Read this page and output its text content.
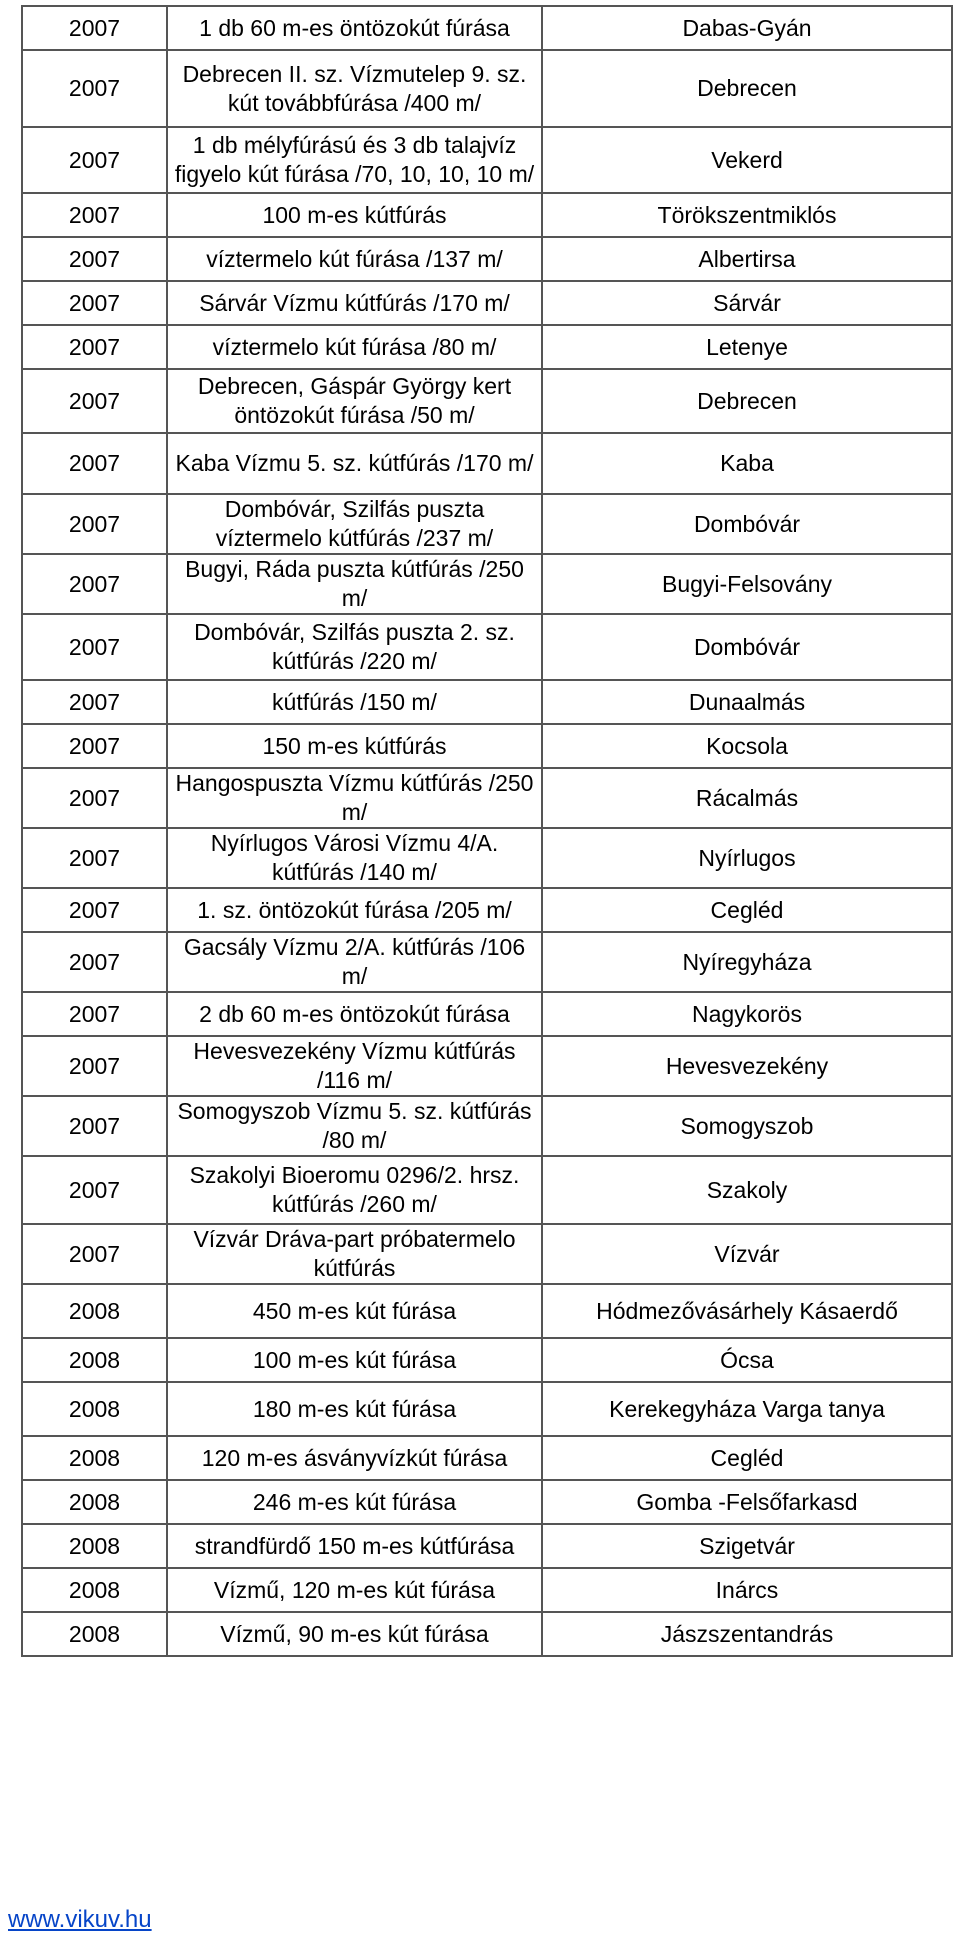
2007	1 db 60 m-es öntözokút fúrása	Dabas-Gyán
2007	Debrecen II. sz. Vízmutelep 9. sz. kút továbbfúrása /400 m/	Debrecen
2007	1 db mélyfúrású és 3 db talajvíz figyelo kút fúrása /70, 10, 10, 10 m/	Vekerd
2007	100 m-es kútfúrás	Törökszentmiklós
2007	víztermelo kút fúrása /137 m/	Albertirsa
2007	Sárvár Vízmu kútfúrás /170 m/	Sárvár
2007	víztermelo kút fúrása /80 m/	Letenye
2007	Debrecen, Gáspár György kert öntözokút fúrása /50 m/	Debrecen
2007	Kaba Vízmu 5. sz. kútfúrás /170 m/	Kaba
2007	Dombóvár, Szilfás puszta víztermelo kútfúrás /237 m/	Dombóvár
2007	Bugyi, Ráda puszta kútfúrás /250 m/	Bugyi-Felsovány
2007	Dombóvár, Szilfás puszta 2. sz. kútfúrás /220 m/	Dombóvár
2007	kútfúrás /150 m/	Dunaalmás
2007	150 m-es kútfúrás	Kocsola
2007	Hangospuszta Vízmu kútfúrás /250 m/	Rácalmás
2007	Nyírlugos Városi Vízmu 4/A. kútfúrás /140 m/	Nyírlugos
2007	1. sz. öntözokút fúrása /205 m/	Cegléd
2007	Gacsály Vízmu 2/A. kútfúrás /106 m/	Nyíregyháza
2007	2 db 60 m-es öntözokút fúrása	Nagykorös
2007	Hevesvezekény Vízmu kútfúrás /116 m/	Hevesvezekény
2007	Somogyszob Vízmu 5. sz. kútfúrás /80 m/	Somogyszob
2007	Szakolyi Bioeromu 0296/2. hrsz. kútfúrás /260 m/	Szakoly
2007	Vízvár Dráva-part próbatermelo kútfúrás	Vízvár
2008	450 m-es kút fúrása	Hódmezővásárhely Kásaerdő
2008	100 m-es kút fúrása	Ócsa
2008	180 m-es kút fúrása	Kerekegyháza Varga tanya
2008	120 m-es ásványvízkút fúrása	Cegléd
2008	246 m-es kút fúrása	Gomba -Felsőfarkasd
2008	strandfürdő 150 m-es kútfúrása	Szigetvár
2008	Vízmű, 120 m-es kút fúrása	Inárcs
2008	Vízmű, 90 m-es kút fúrása	Jászszentandrás
www.vikuv.hu
